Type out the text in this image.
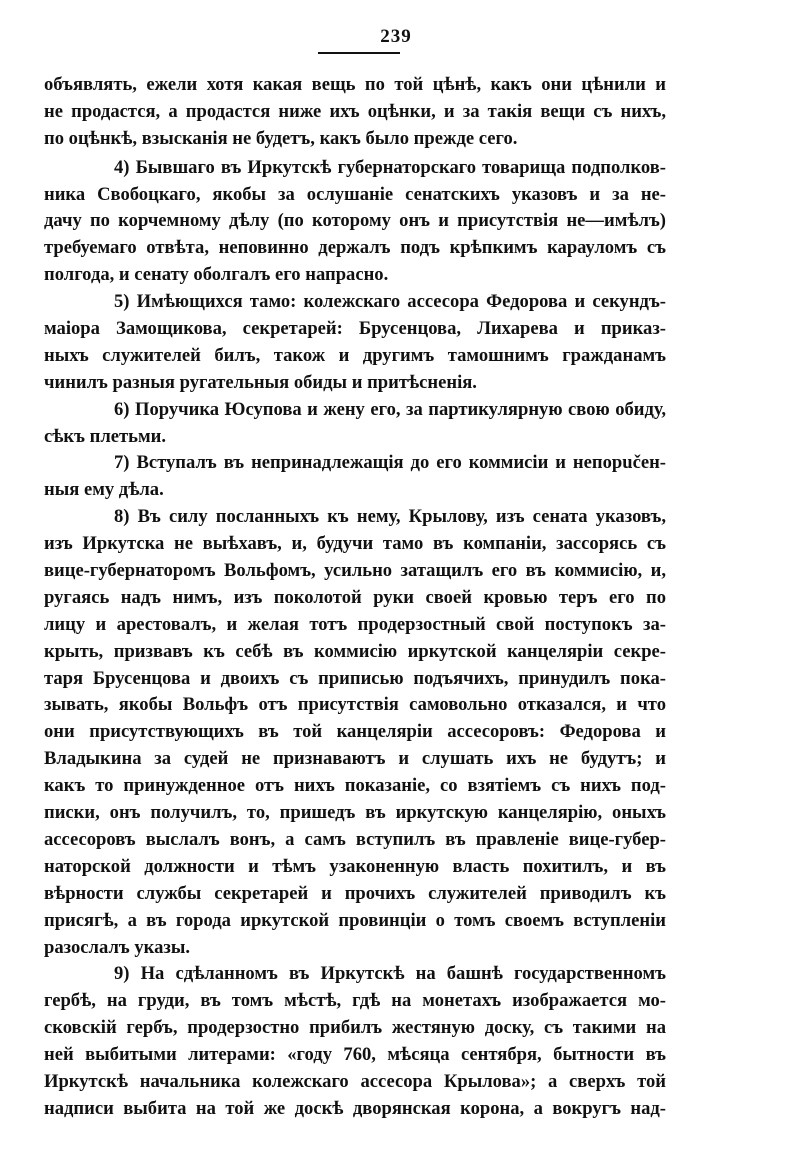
239
объявлять, ежели хотя какая вещь по той цѣнѣ, какъ они цѣнили и
не продастся, а продастся ниже ихъ оцѣнки, и за такія вещи съ нихъ,
по оцѣнкѣ, взысканія не будетъ, какъ было прежде сего.
4) Бывшаго въ Иркутскѣ губернаторскаго товарища подполков-
ника Свобоцкаго, якобы за ослушаніе сенатскихъ указовъ и за не-
дачу по корчемному дѣлу (по которому онъ и присутствія не—имѣлъ)
требуемаго отвѣта, неповинно держалъ подъ крѣпкимъ карауломъ съ
полгода, и сенату оболгалъ его напрасно.
5) Имѣющихся тамо: колежскаго ассесора Федорова и секундъ-
маіора Замощикова, секретарей: Брусенцова, Лихарева и приказ-
ныхъ служителей билъ, також и другимъ тамошнимъ гражданамъ
чинилъ разныя ругательныя обиды и притѣсненія.
6) Поручика Юсупова и жену его, за партикулярную свою обиду,
сѣкъ плетьми.
7) Вступалъ въ непринадлежащія до его коммисіи и непорučен-
ныя ему дѣла.
8) Въ силу посланныхъ къ нему, Крылову, изъ сената указовъ,
изъ Иркутска не выѣхавъ, и, будучи тамо въ компаніи, зассорясь съ
вице-губернаторомъ Вольфомъ, усильно затащилъ его въ коммисію, и,
ругаясь надъ нимъ, изъ поколотой руки своей кровью теръ его по
лицу и арестовалъ, и желая тотъ продерзостный свой поступокъ за-
крыть, призвавъ къ себѣ въ коммисію иркутской канцеляріи секре-
таря Брусенцова и двоихъ съ приписью подъячихъ, принудилъ пока-
зывать, якобы Вольфъ отъ присутствія самовольно отказался, и что
они присутствующихъ въ той канцеляріи ассесоровъ: Федорова и
Владыкина за судей не признаваютъ и слушать ихъ не будутъ; и
какъ то принужденное отъ нихъ показаніе, со взятіемъ съ нихъ под-
писки, онъ получилъ, то, пришедъ въ иркутскую канцелярію, оныхъ
ассесоровъ выслалъ вонъ, а самъ вступилъ въ правленіе вице-губер-
наторской должности и тѣмъ узаконенную власть похитилъ, и въ
вѣрности службы секретарей и прочихъ служителей приводилъ къ
присягѣ, а въ города иркутской провинціи о томъ своемъ вступленіи
разослалъ указы.
9) На сдѣланномъ въ Иркутскѣ на башнѣ государственномъ
гербѣ, на груди, въ томъ мѣстѣ, гдѣ на монетахъ изображается мо-
сковскій гербъ, продерзостно прибилъ жестяную доску, съ такими на
ней выбитыми литерами: «году 760, мѣсяца сентября, бытности въ
Иркутскѣ начальника колежскаго ассесора Крылова»; а сверхъ той
надписи выбита на той же доскѣ дворянская корона, а вокругъ над-
